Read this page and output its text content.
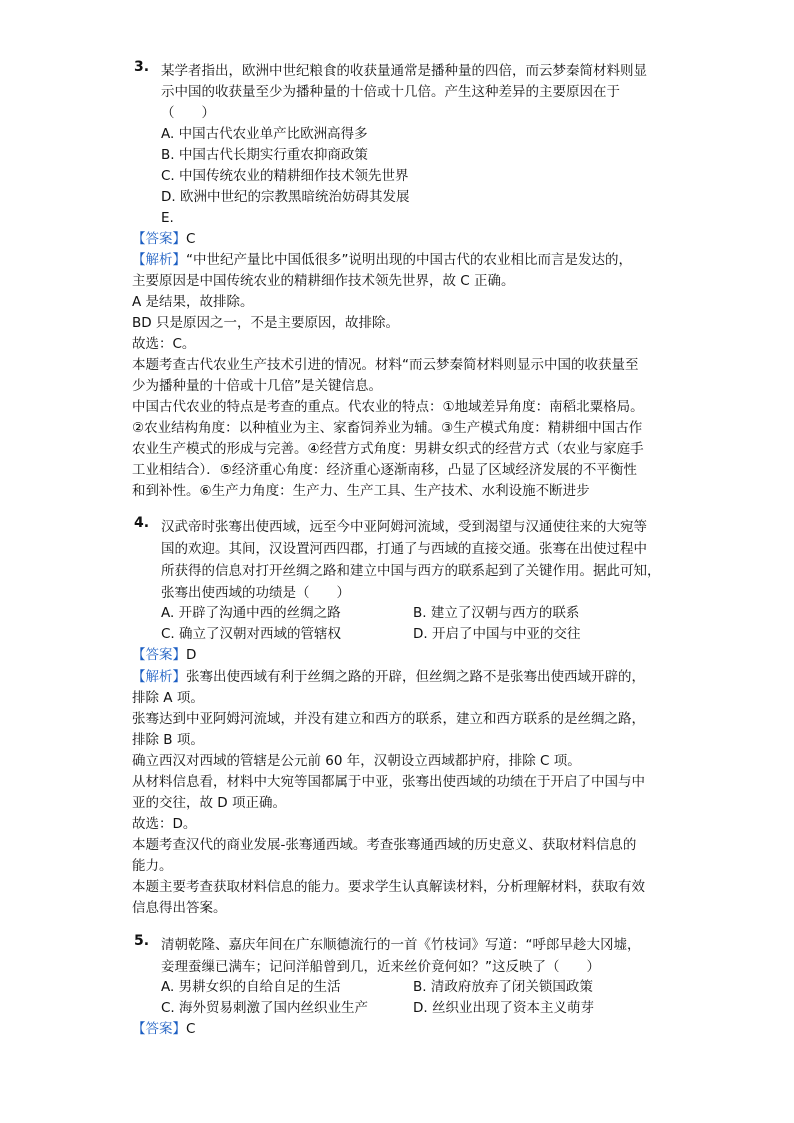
3. 某学者指出，欧洲中世纪粮食的收获量通常是播种量的四倍，而云梦秦简材料则显
示中国的收获量至少为播种量的十倍或十几倍。产生这种差异的主要原因在于
（　　）
A. 中国古代农业单产比欧洲高得多
B. 中国古代长期实行重农抑商政策
C. 中国传统农业的精耕细作技术领先世界
D. 欧洲中世纪的宗教黑暗统治妨碍其发展
E.
【答案】C
【解析】“中世纪产量比中国低很多”说明出现的中国古代的农业相比而言是发达的，
主要原因是中国传统农业的精耕细作技术领先世界，故 C 正确。
A 是结果，故排除。
BD 只是原因之一，不是主要原因，故排除。
故选：C。
本题考查古代农业生产技术引进的情况。材料“而云梦秦简材料则显示中国的收获量至
少为播种量的十倍或十几倍”是关键信息。
中国古代农业的特点是考查的重点。代农业的特点：①地域差异角度：南稻北粟格局。
②农业结构角度：以种植业为主、家畜饲养业为辅。③生产模式角度：精耕细中国古作
农业生产模式的形成与完善。④经营方式角度：男耕女织式的经营方式（农业与家庭手
工业相结合）．⑤经济重心角度：经济重心逐渐南移，凸显了区域经济发展的不平衡性
和到补性。⑥生产力角度：生产力、生产工具、生产技术、水利设施不断进步
4. 汉武帝时张骞出使西域，远至今中亚阿姆河流域，受到渴望与汉通使往来的大宛等
国的欢迎。其间，汉设置河西四郡，打通了与西域的直接交通。张骞在出使过程中
所获得的信息对打开丝绸之路和建立中国与西方的联系起到了关键作用。据此可知，
张骞出使西域的功绩是（　　）
A. 开辟了沟通中西的丝绸之路	B. 建立了汉朝与西方的联系
C. 确立了汉朝对西域的管辖权	D. 开启了中国与中亚的交往
【答案】D
【解析】张骞出使西域有利于丝绸之路的开辟，但丝绸之路不是张骞出使西域开辟的，
排除 A 项。
张骞达到中亚阿姆河流域，并没有建立和西方的联系，建立和西方联系的是丝绸之路，
排除 B 项。
确立西汉对西域的管辖是公元前 60 年，汉朝设立西域都护府，排除 C 项。
从材料信息看，材料中大宛等国都属于中亚，张骞出使西域的功绩在于开启了中国与中
亚的交往，故 D 项正确。
故选：D。
本题考查汉代的商业发展-张骞通西域。考查张骞通西域的历史意义、获取材料信息的
能力。
本题主要考查获取材料信息的能力。要求学生认真解读材料，分析理解材料，获取有效
信息得出答案。
5. 清朝乾隆、嘉庆年间在广东顺德流行的一首《竹枝词》写道：“呼郎早趁大冈墟，
妾理蚕缫已满车；记问洋船曾到几，近来丝价竟何如？”这反映了（　　）
A. 男耕女织的自给自足的生活	B. 清政府放弃了闭关锁国政策
C. 海外贸易刺激了国内丝织业生产	D. 丝织业出现了资本主义萌芽
【答案】C
